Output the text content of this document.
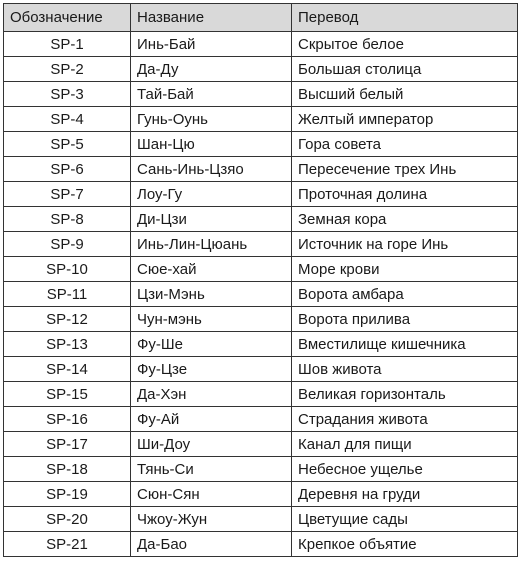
Обозначение	Название	Перевод
SP-1	Инь-Бай	Скрытое белое
SP-2	Да-Ду	Большая столица
SP-3	Тай-Бай	Высший белый
SP-4	Гунь-Оунь	Желтый император
SP-5	Шан-Цю	Гора совета
SP-6	Сань-Инь-Цзяо	Пересечение трех Инь
SP-7	Лоу-Гу	Проточная долина
SP-8	Ди-Цзи	Земная кора
SP-9	Инь-Лин-Цюань	Источник на горе Инь
SP-10	Сюе-хай	Море крови
SP-11	Цзи-Мэнь	Ворота амбара
SP-12	Чун-мэнь	Ворота прилива
SP-13	Фу-Ше	Вместилище кишечника
SP-14	Фу-Цзе	Шов живота
SP-15	Да-Хэн	Великая горизонталь
SP-16	Фу-Ай	Страдания живота
SP-17	Ши-Доу	Канал для пищи
SP-18	Тянь-Си	Небесное ущелье
SP-19	Сюн-Сян	Деревня на груди
SP-20	Чжоу-Жун	Цветущие сады
SP-21	Да-Бао	Крепкое объятие
